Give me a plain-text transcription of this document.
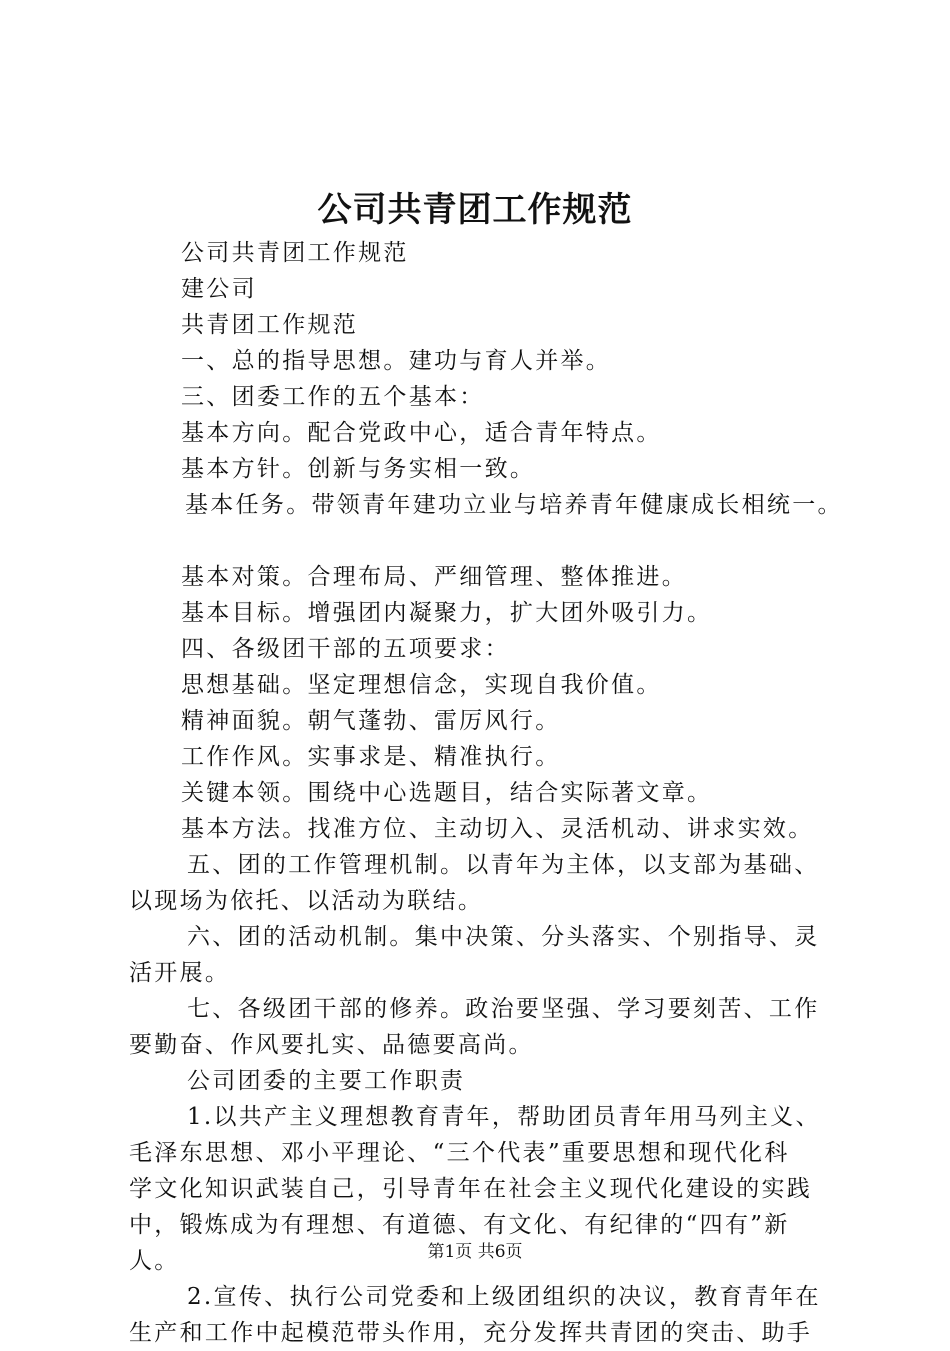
公司共青团工作规范

公司共青团工作规范

建公司

共青团工作规范

一、总的指导思想。建功与育人并举。

三、团委工作的五个基本：

基本方向。配合党政中心，适合青年特点。

基本方针。创新与务实相一致。

基本任务。带领青年建功立业与培养青年健康成长相统一。

基本对策。合理布局、严细管理、整体推进。

基本目标。增强团内凝聚力，扩大团外吸引力。

四、各级团干部的五项要求：

思想基础。坚定理想信念，实现自我价值。

精神面貌。朝气蓬勃、雷厉风行。

工作作风。实事求是、精准执行。

关键本领。围绕中心选题目，结合实际著文章。

基本方法。找准方位、主动切入、灵活机动、讲求实效。

五、团的工作管理机制。以青年为主体，以支部为基础、

以现场为依托、以活动为联结。

六、团的活动机制。集中决策、分头落实、个别指导、灵

活开展。

七、各级团干部的修养。政治要坚强、学习要刻苦、工作

要勤奋、作风要扎实、品德要高尚。

公司团委的主要工作职责

1.以共产主义理想教育青年，帮助团员青年用马列主义、

毛泽东思想、邓小平理论、“三个代表”重要思想和现代化科

学文化知识武装自己，引导青年在社会主义现代化建设的实践

中，锻炼成为有理想、有道德、有文化、有纪律的“四有”新

人。

2.宣传、执行公司党委和上级团组织的决议，教育青年在

生产和工作中起模范带头作用，充分发挥共青团的突击、助手

第1页 共6页
